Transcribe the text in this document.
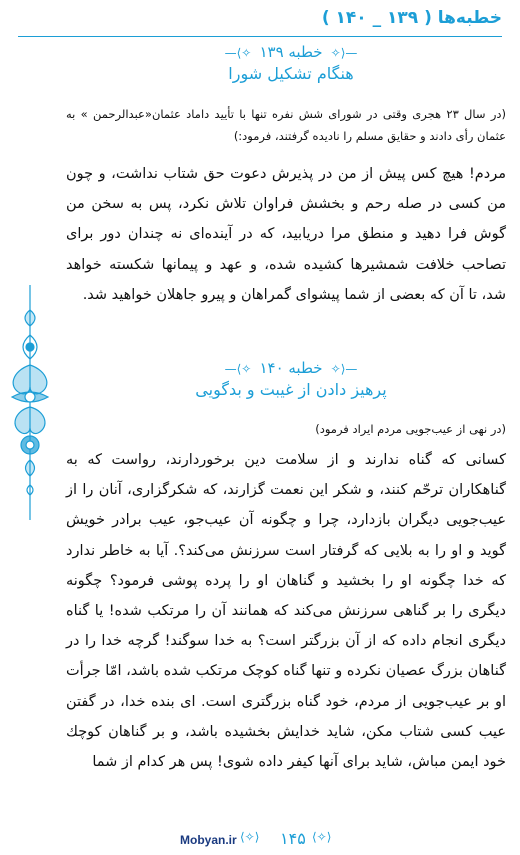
خطبه‌ها ( ۱۳۹ _ ۱۴۰ )
—⟨✧ خطبه ۱۳۹ ✧⟩—
هنگام تشکیل شورا
(در سال ۲۳ هجری وقتی در شورای شش نفره تنها با تأیید داماد عثمان«عبدالرحمن » به عثمان رأی دادند و حقایق مسلم را نادیده گرفتند، فرمود:)
مردم! هیچ کس پیش از من در پذیرش دعوت حق شتاب نداشت، و چون من کسی در صله رحم و بخشش فراوان تلاش نکرد، پس به سخن من گوش فرا دهید و منطق مرا دریابید، که در آینده‌ای نه چندان دور برای تصاحب خلافت شمشیرها کشیده شده، و عهد و پیمانها شکسته خواهد شد، تا آن که بعضی از شما پیشوای گمراهان و پیرو جاهلان خواهید شد.
—⟨✧ خطبه ۱۴۰ ✧⟩—
پرهیز دادن از غیبت و بدگویی
(در نهی از عیب‌جویی مردم ایراد فرمود)
کسانی که گناه ندارند و از سلامت دین برخوردارند، رواست که به گناهکاران ترحّم کنند، و شکر این نعمت گزارند، که شکرگزاری، آنان را از عیب‌جویی دیگران بازدارد، چرا و چگونه آن عیب‌جو، عیب برادر خویش گوید و او را به بلایی که گرفتار است سرزنش می‌کند؟. آیا به خاطر ندارد که خدا چگونه او را بخشید و گناهان او را پرده پوشی فرمود؟ چگونه دیگری را بر گناهی سرزنش می‌کند که همانند آن را مرتکب شده! یا گناه دیگری انجام داده که از آن بزرگتر است؟ به خدا سوگند! گرچه خدا را در گناهان بزرگ عصیان نکرده و تنها گناه کوچک مرتکب شده باشد، امّا جرأت او بر عیب‌جویی از مردم، خود گناه بزرگتری است. ای بنده خدا، در گفتن عیب کسی شتاب مکن، شاید خدایش بخشیده باشد، و بر گناهان کوچك خود ایمن مباش، شاید برای آنها کیفر داده شوی! پس هر کدام از شما
Mobyan.ir ⟨✧⟩ ۱۴۵ ⟨✧⟩
